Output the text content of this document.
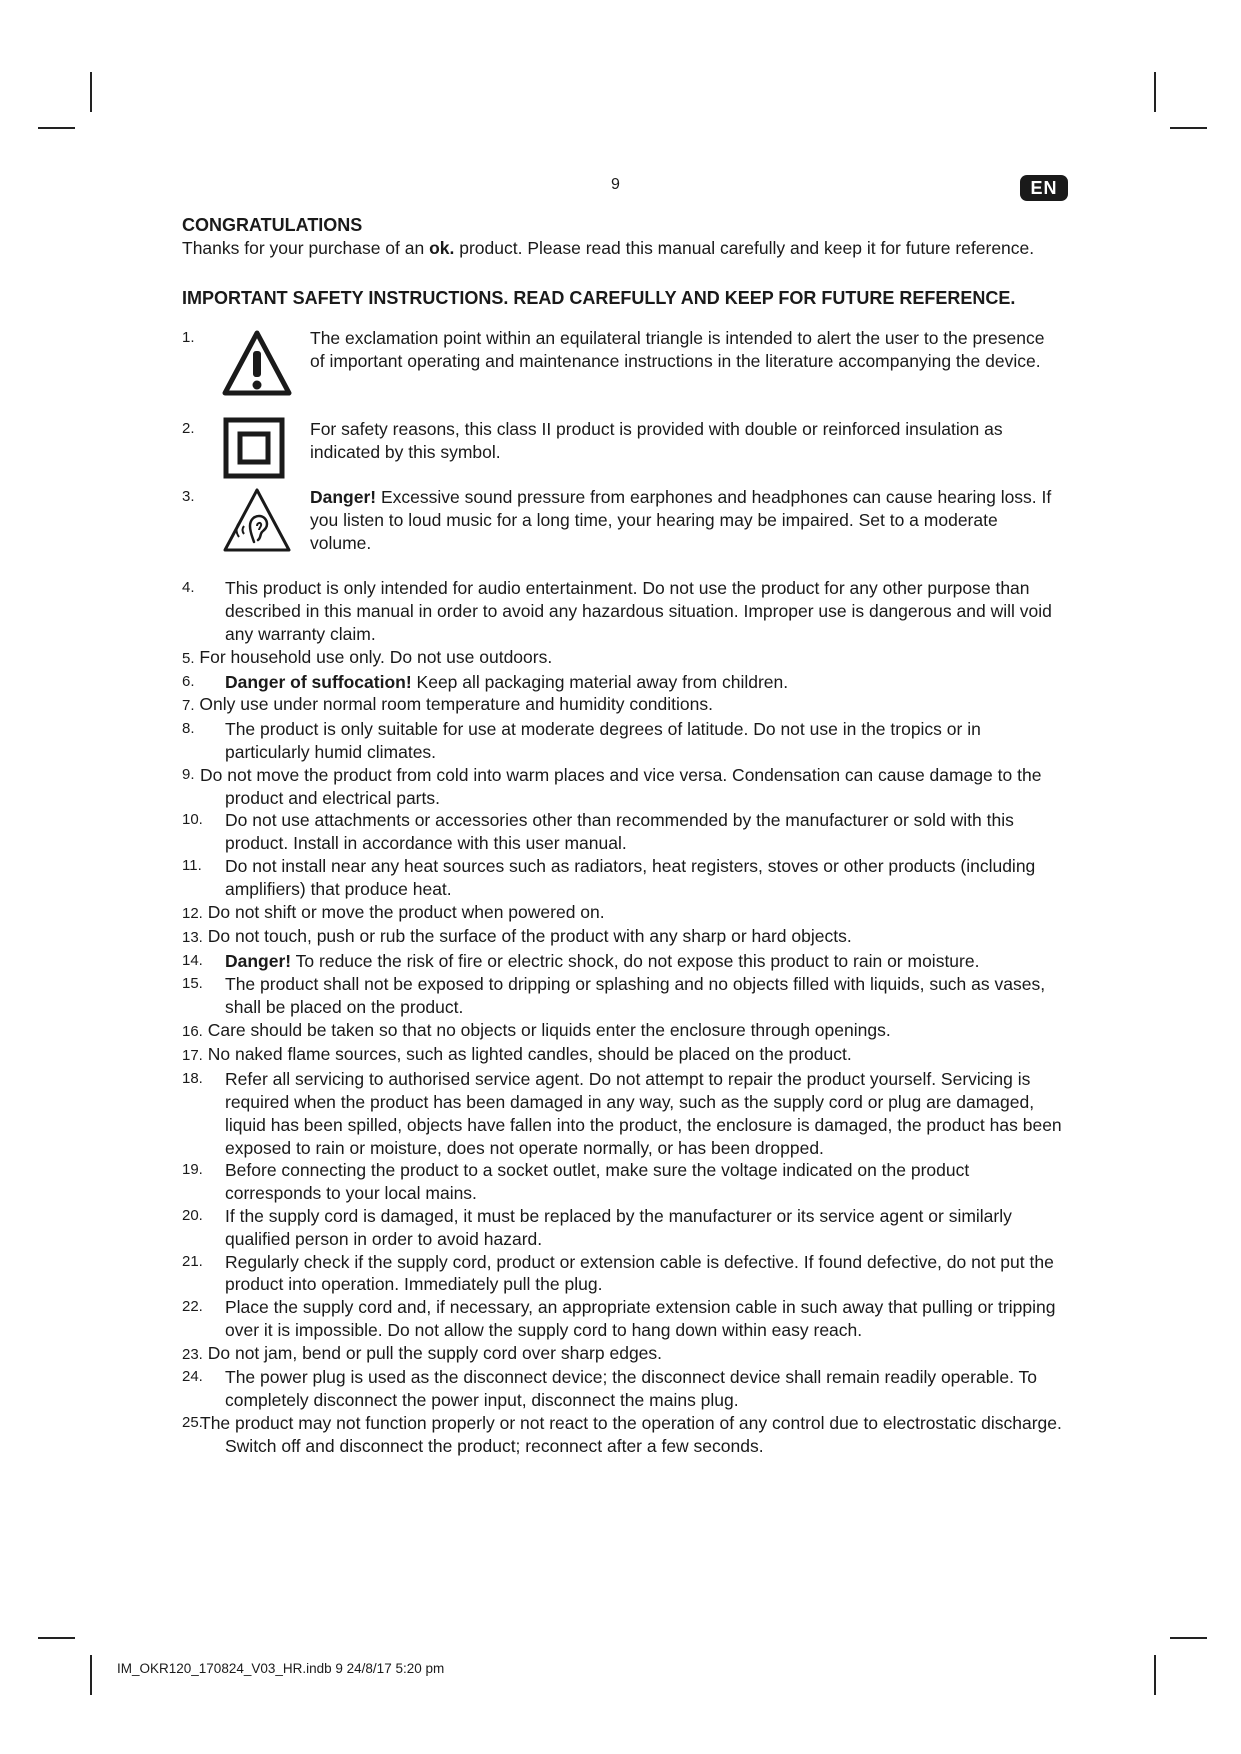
9	EN

CONGRATULATIONS

Thanks for your purchase of an ok. product. Please read this manual carefully and keep it for future reference.

IMPORTANT SAFETY INSTRUCTIONS. READ CAREFULLY AND KEEP FOR FUTURE REFERENCE.

1.	The exclamation point within an equilateral triangle is intended to alert the user to the presence of important operating and maintenance instructions in the literature accompanying the device.
2.	For safety reasons, this class II product is provided with double or reinforced insulation as indicated by this symbol.
3.	Danger! Excessive sound pressure from earphones and headphones can cause hearing loss. If you listen to loud music for a long time, your hearing may be impaired. Set to a moderate volume.
4. This product is only intended for audio entertainment. Do not use the product for any other purpose than described in this manual in order to avoid any hazardous situation. Improper use is dangerous and will void any warranty claim.
5. For household use only. Do not use outdoors.
6. Danger of suffocation! Keep all packaging material away from children.
7. Only use under normal room temperature and humidity conditions.
8. The product is only suitable for use at moderate degrees of latitude. Do not use in the tropics or in particularly humid climates.
9. Do not move the product from cold into warm places and vice versa. Condensation can cause damage to the product and electrical parts.
10. Do not use attachments or accessories other than recommended by the manufacturer or sold with this product. Install in accordance with this user manual.
11. Do not install near any heat sources such as radiators, heat registers, stoves or other products (including amplifiers) that produce heat.
12. Do not shift or move the product when powered on.
13. Do not touch, push or rub the surface of the product with any sharp or hard objects.
14. Danger! To reduce the risk of fire or electric shock, do not expose this product to rain or moisture.
15. The product shall not be exposed to dripping or splashing and no objects filled with liquids, such as vases, shall be placed on the product.
16. Care should be taken so that no objects or liquids enter the enclosure through openings.
17. No naked flame sources, such as lighted candles, should be placed on the product.
18. Refer all servicing to authorised service agent. Do not attempt to repair the product yourself. Servicing is required when the product has been damaged in any way, such as the supply cord or plug are damaged, liquid has been spilled, objects have fallen into the product, the enclosure is damaged, the product has been exposed to rain or moisture, does not operate normally, or has been dropped.
19. Before connecting the product to a socket outlet, make sure the voltage indicated on the product corresponds to your local mains.
20. If the supply cord is damaged, it must be replaced by the manufacturer or its service agent or similarly qualified person in order to avoid hazard.
21. Regularly check if the supply cord, product or extension cable is defective. If found defective, do not put the product into operation. Immediately pull the plug.
22. Place the supply cord and, if necessary, an appropriate extension cable in such away that pulling or tripping over it is impossible. Do not allow the supply cord to hang down within easy reach.
23. Do not jam, bend or pull the supply cord over sharp edges.
24. The power plug is used as the disconnect device; the disconnect device shall remain readily operable. To completely disconnect the power input, disconnect the mains plug.
25.
The product may not function properly or not react to the operation of any control due to electrostatic discharge. Switch off and disconnect the product; reconnect after a few seconds.
IM_OKR120_170824_V03_HR.indb 9 24/8/17 5:20 pm
